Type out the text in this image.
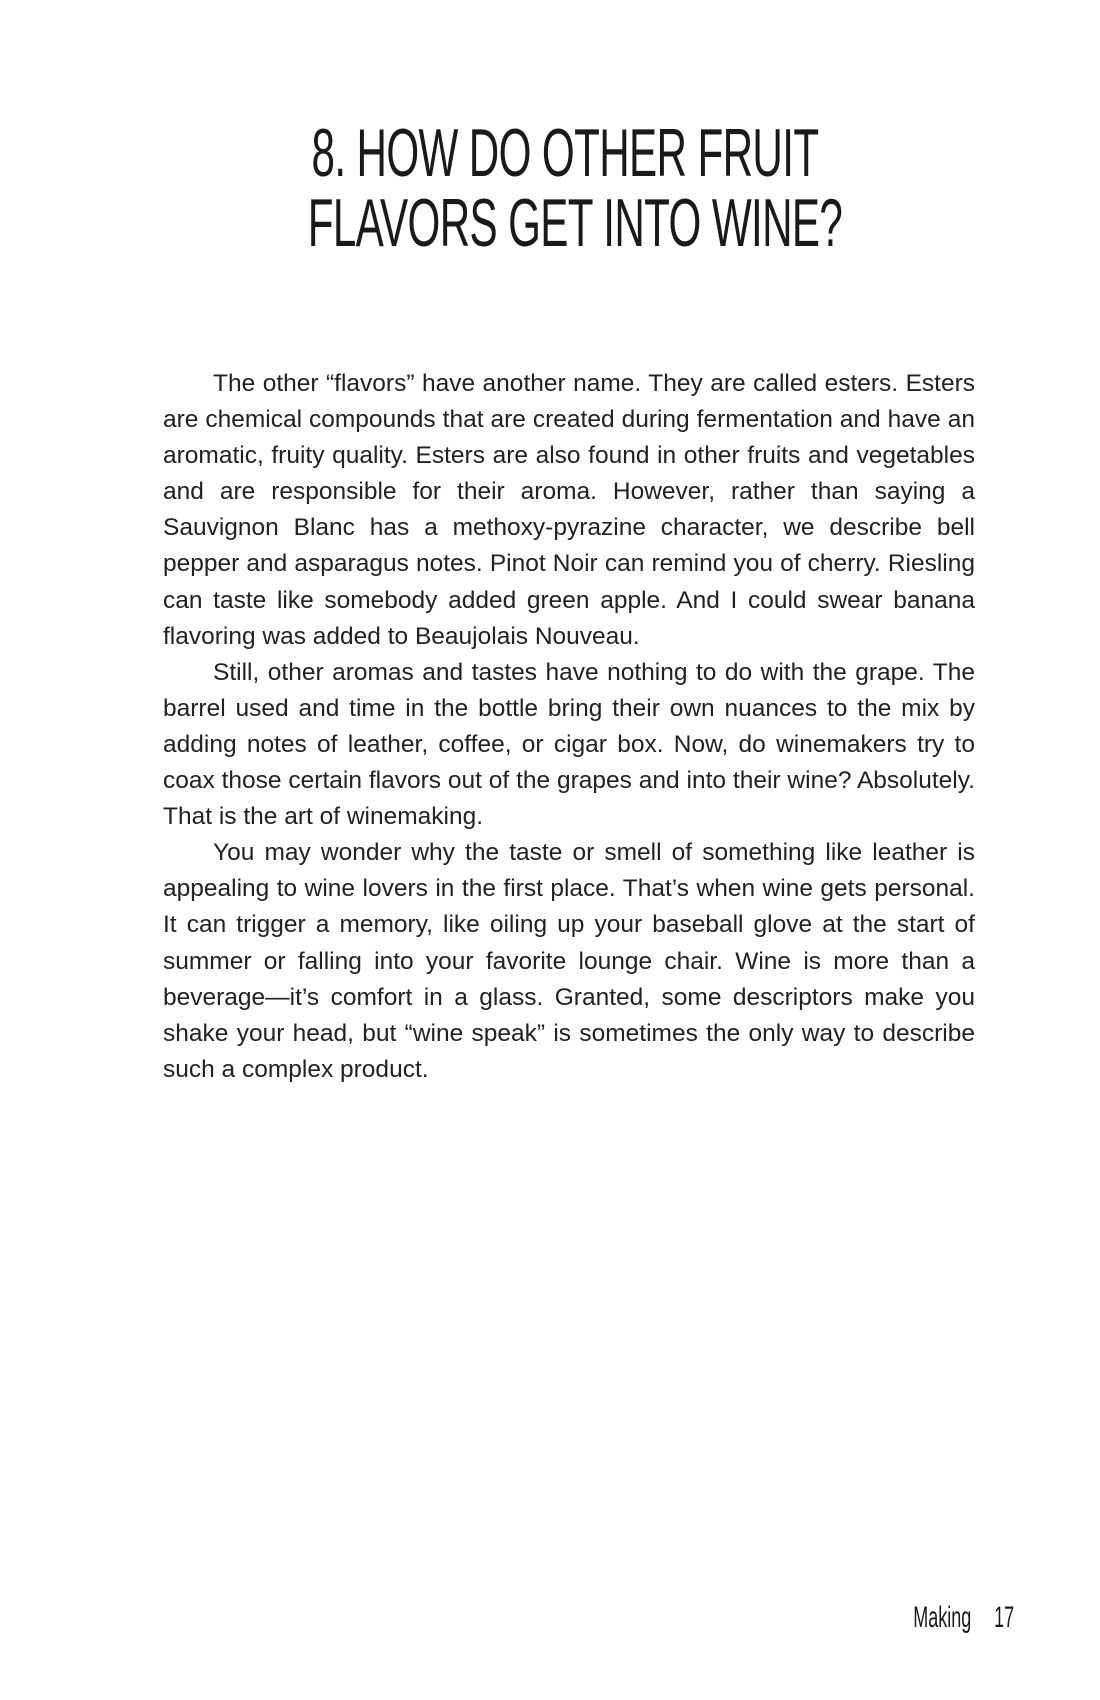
8. HOW DO OTHER FRUIT
FLAVORS GET INTO WINE?

The other “flavors” have another name. They are called esters. Esters are chemical compounds that are created during fermentation and have an aromatic, fruity quality. Esters are also found in other fruits and vegetables and are responsible for their aroma. However, rather than saying a Sauvignon Blanc has a methoxy-pyrazine character, we describe bell pepper and asparagus notes. Pinot Noir can remind you of cherry. Riesling can taste like somebody added green apple. And I could swear banana flavoring was added to Beaujolais Nouveau.

Still, other aromas and tastes have nothing to do with the grape. The barrel used and time in the bottle bring their own nuances to the mix by adding notes of leather, coffee, or cigar box. Now, do winemakers try to coax those certain flavors out of the grapes and into their wine? Absolutely. That is the art of winemaking.

You may wonder why the taste or smell of something like leather is appealing to wine lovers in the first place. That’s when wine gets personal. It can trigger a memory, like oiling up your baseball glove at the start of summer or falling into your favorite lounge chair. Wine is more than a beverage—it’s comfort in a glass. Granted, some descriptors make you shake your head, but “wine speak” is sometimes the only way to describe such a complex product.

Making 17
